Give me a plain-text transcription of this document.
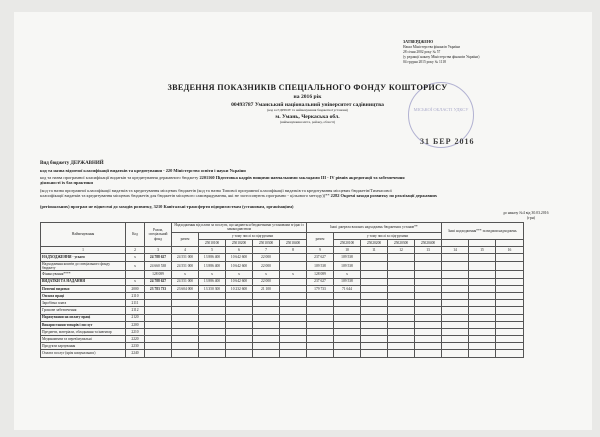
ЗАТВЕРДЖЕНО
Наказ Міністерства фінансів України
28 січня 2002 року № 57
(у редакції наказу Міністерства фінансів України)
04 грудня 2015 року № 1118
МІСЬКОЇ ОБЛАСТІ УДКСУ
31 БЕР 2016
ЗВЕДЕННЯ ПОКАЗНИКІВ СПЕЦІАЛЬНОГО ФОНДУ КОШТОРИСУ
на 2016 рік
00493787 Уманський національний університет садівництва
(код за ЄДРПОУ та найменування бюджетної установи)
м. Умань, Черкаська обл.
(найменування міста, району, області)
Вид бюджету ДЕРЖАВНИЙ
код та назва відомчої класифікації видатків та кредитування - 220 Міністерство освіти і науки України
код та назва програмної класифікації видатків та кредитування державного бюджету 2201160 Підготовка кадрів вищими навчальними закладами ІІІ - IV рівнів акредитації та забезпечення
діяльності їх баз практики
(код та назва програмної класифікації видатків та кредитування місцевих бюджетів (код та назва Типової програмної класифікації видатків та кредитування місцевих бюджетів/Тимчасової
класифікації видатків та кредитування місцевих бюджетів для бюджетів місцевого самоврядування, які не застосовують програмно - цільового методу))** 2282 Окремі заходи розвитку по реалізації державних
(регіональних) програм не віднесені до заходів розвитку, 3210 Капітальні трансферти підприємствам (установам, організаціям)
до наказу №4 від 30.03.2016
(грн)
Найменування	Код	Разом, спеціальний фонд	Надходження від плати за послуги, що надаються бюджетними установами згідно із законодавством					Інші джерела власних надходжень бюджетних установ**					Інші надходження*** за видами надходжень		
			разом	у тому числі за підгрупами				разом	у тому числі за підгрупами						
				25010100	25010200	25010300	25010400		25020100	25020200	25020300	25020400			
1	2	3	4	5	6	7	8	9	10	11	12	13	14	15	16
НАДХОДЖЕННЯ - усього	х	24 788 627	24 551 000	13 886 400	10 642 600	22 000		237 627	109 538						
Надходження коштів до спеціального фонду бюджету	х	24 660 538	24 551 000	13 886 400	10 642 600	22 000		109 538	109 538						
Фінансування****		128 089	х	х	х	х	х	128 089	х						
ВИДАТКИ ТА НАДАННЯ	х	24 788 627	24 551 000	13 886 400	10 642 600	22 000		237 627	109 538						
Поточні видатки	2000	23 783 733	23 604 000	13 350 300	10 232 600	21 100		179 733	71 644						
Оплата праці	2110														
Заробітна плата	2111														
Грошове забезпечення	2112														
Нарахування на оплату праці	2120														
Використання товарів і послуг	2200														
Предмети, матеріали, обладнання та інвентар	2210														
Медикаменти та перев'язувальні	2220														
Продукти харчування	2230														
Оплата послуг (крім комунальних)	2240														
